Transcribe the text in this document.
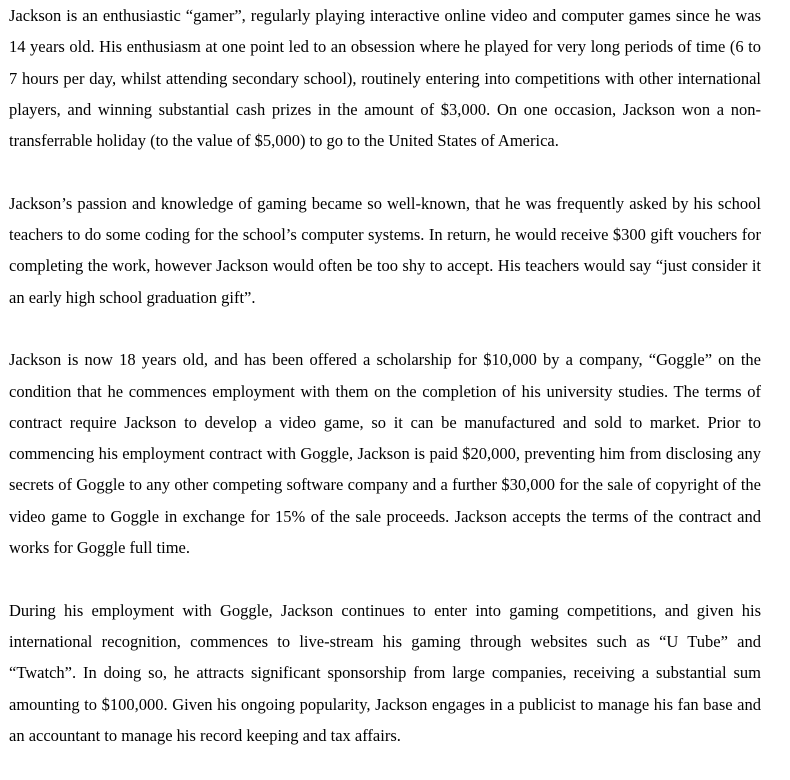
Jackson is an enthusiastic “gamer”, regularly playing interactive online video and computer games since he was 14 years old. His enthusiasm at one point led to an obsession where he played for very long periods of time (6 to 7 hours per day, whilst attending secondary school), routinely entering into competitions with other international players, and winning substantial cash prizes in the amount of $3,000. On one occasion, Jackson won a non-transferrable holiday (to the value of $5,000) to go to the United States of America.

Jackson’s passion and knowledge of gaming became so well-known, that he was frequently asked by his school teachers to do some coding for the school’s computer systems. In return, he would receive $300 gift vouchers for completing the work, however Jackson would often be too shy to accept. His teachers would say “just consider it an early high school graduation gift”.

Jackson is now 18 years old, and has been offered a scholarship for $10,000 by a company, “Goggle” on the condition that he commences employment with them on the completion of his university studies. The terms of contract require Jackson to develop a video game, so it can be manufactured and sold to market. Prior to commencing his employment contract with Goggle, Jackson is paid $20,000, preventing him from disclosing any secrets of Goggle to any other competing software company and a further $30,000 for the sale of copyright of the video game to Goggle in exchange for 15% of the sale proceeds. Jackson accepts the terms of the contract and works for Goggle full time.

During his employment with Goggle, Jackson continues to enter into gaming competitions, and given his international recognition, commences to live-stream his gaming through websites such as “U Tube” and “Twatch”. In doing so, he attracts significant sponsorship from large companies, receiving a substantial sum amounting to $100,000. Given his ongoing popularity, Jackson engages in a publicist to manage his fan base and an accountant to manage his record keeping and tax affairs.
